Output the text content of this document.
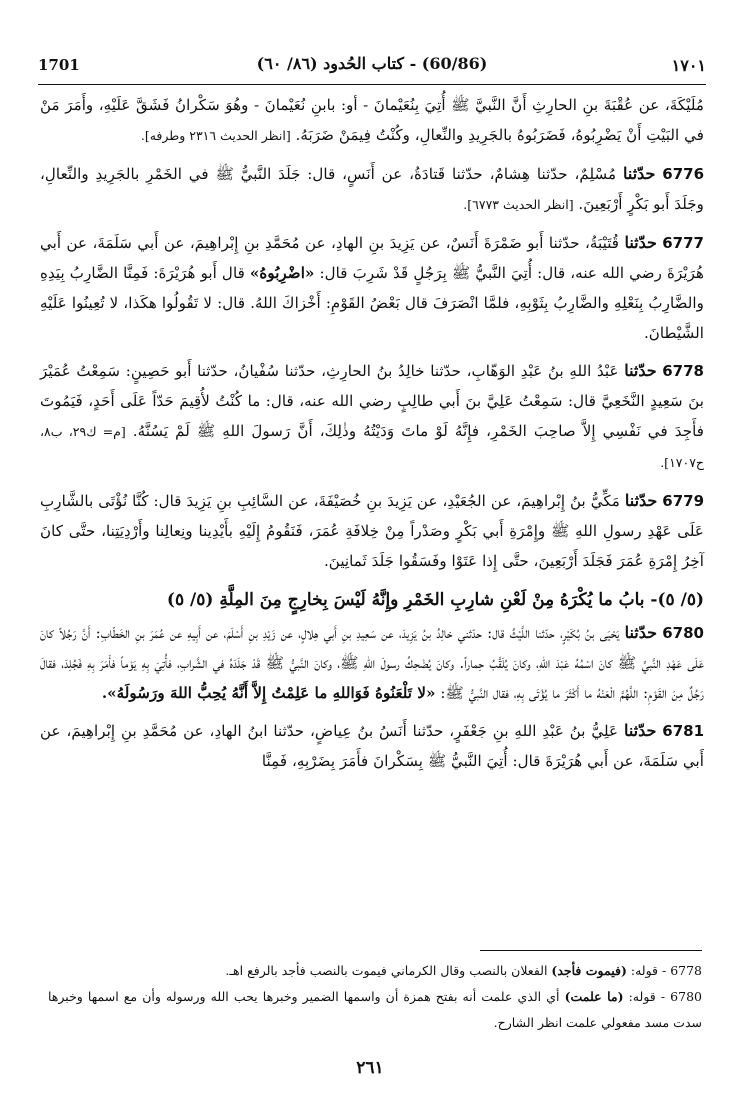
1701	(60/86) - كتاب الحُدود (٨٦/ ٦٠)	١٧٠١

مُلَيْكَةَ، عن عُقْبَةَ بنِ الحارِثِ أَنَّ النَّبيَّ ﷺ أُتِيَ بِنُعَيْمانَ - أو: بابنِ نُعَيْمانَ - وهُوَ سَكْرانُ فَشَقَّ عَلَيْهِ، وأَمَرَ مَنْ في البَيْتِ أَنْ يَضْرِبُوهُ، فَضَرَبُوهُ بالجَرِيدِ والنِّعالِ، وكُنْتُ فِيمَنْ ضَرَبَهُ. [انظر الحديث ٢٣١٦ وطرفه].

6776 حدّثنا مُسْلِمٌ، حدّثنا هِشامٌ، حدّثنا قَتادَةُ، عن أَنَسٍ، قال: جَلَدَ النَّبيُّ ﷺ في الخَمْرِ بالجَرِيدِ والنِّعالِ، وجَلَدَ أَبو بَكْرٍ أَرْبَعِينَ. [انظر الحديث ٦٧٧٣].

6777 حدّثنا قُتَيْبَةُ، حدّثنا أَبو ضَمْرَةَ أَنَسٌ، عن يَزِيدَ بنِ الهادِ، عن مُحَمَّدِ بنِ إِبْراهِيمَ، عن أَبي سَلَمَةَ، عن أَبي هُرَيْرَةَ رضي الله عنه، قال: أُتِيَ النَّبيُّ ﷺ بِرَجُلٍ قَدْ شَرِبَ قال: «اضْرِبُوهُ» قال أَبو هُرَيْرَةَ: فَمِنَّا الضَّارِبُ بِيَدِهِ والضَّارِبُ بِنَعْلِهِ والضَّارِبُ بِثَوْبِهِ، فلمَّا انْصَرَفَ قال بَعْضُ القَوْمِ: أَخْزاكَ اللهُ. قال: لا تَقُولُوا هكَذا، لا تُعِينُوا عَلَيْهِ الشَّيْطانَ.

6778 حدّثنا عَبْدُ اللهِ بنُ عَبْدِ الوَهّابِ، حدّثنا خالِدُ بنُ الحارِثِ، حدّثنا سُفْيانُ، حدّثنا أَبو حَصِينٍ: سَمِعْتُ عُمَيْرَ بنَ سَعِيدٍ النَّخَعِيَّ قال: سَمِعْتُ عَلِيَّ بنَ أَبي طالِبٍ رضي الله عنه، قال: ما كُنْتُ لأُقِيمَ حَدّاً عَلَى أَحَدٍ، فَيَمُوتَ فأَجِدَ في نَفْسِي إِلاَّ صاحِبَ الخَمْرِ، فإِنَّهُ لَوْ ماتَ وَدَيْتُهُ وذٰلِكَ، أَنَّ رَسولَ اللهِ ﷺ لَمْ يَسُنَّهُ. [م= ك٢٩، ب٨، ح١٧٠٧].

6779 حدّثنا مَكِّيُّ بنُ إِبْراهِيمَ، عن الجُعَيْدِ، عن يَزِيدَ بنِ خُصَيْفَةَ، عن السَّائِبِ بنِ يَزِيدَ قال: كُنَّا نُؤْتَى بالشَّارِبِ عَلَى عَهْدِ رسولِ اللهِ ﷺ وإِمْرَةِ أَبي بَكْرٍ وصَدْراً مِنْ خِلافَةِ عُمَرَ، فَنَقُومُ إِلَيْهِ بأَيْدِينا ونِعالِنا وأَرْدِيَتِنا، حتَّى كانَ آخِرُ إِمْرَةِ عُمَرَ فَجَلَدَ أَرْبَعِينَ، حتَّى إِذا عَتَوْا وفَسَقُوا جَلَدَ ثَمانِينَ.

(٥/ ٥)- بابُ ما يُكْرَهُ مِنْ لَعْنِ شارِبِ الخَمْرِ وإِنَّهُ لَيْسَ بِخارِجٍ مِنَ المِلَّةِ (٥/ ٥)

6780 حدّثنا يَحْيَى بنُ بُكَيْرٍ، حدّثنا اللَّيْثُ قال: حدّثني خالِدُ بنُ يَزِيدَ، عن سَعِيدِ بنِ أَبي هِلالٍ، عن زَيْدِ بنِ أَسْلَمَ، عن أَبِيهِ عن عُمَرَ بنِ الخَطّابِ: أَنَّ رَجُلاً كانَ عَلَى عَهْدِ النَّبيِّ ﷺ كانَ اسْمُهُ عَبْدَ اللهِ، وكانَ يُلَقَّبُ حِماراً. وكانَ يُضْحِكُ رسولَ اللهِ ﷺ، وكانَ النَّبيُّ ﷺ قَدْ جَلَدَهُ في الشَّرابِ، فأُتِيَ بِهِ يَوْماً فأَمَرَ بِهِ فَجُلِدَ، فقالَ رَجُلٌ مِنَ القَوْمِ: اللَّهُمَّ الْعَنْهُ ما أَكْثَرَ ما يُؤْتَى بِهِ، فقال النَّبيُّ ﷺ: «لا تَلْعَنُوهُ فَوَاللهِ ما عَلِمْتُ إِلاَّ أَنَّهُ يُحِبُّ اللهَ ورَسُولَهُ».

6781 حدّثنا عَلِيُّ بنُ عَبْدِ اللهِ بنِ جَعْفَرٍ، حدّثنا أَنَسُ بنُ عِياضٍ، حدّثنا ابنُ الهادِ، عن مُحَمَّدِ بنِ إِبْراهِيمَ، عن أَبي سَلَمَةَ، عن أَبي هُرَيْرَةَ قال: أُتِيَ النَّبيُّ ﷺ بِسَكْرانَ فأَمَرَ بِضَرْبِهِ، فَمِنَّا

6778 - قوله: (فيموت فأجد) الفعلان بالنصب وقال الكرماني فيموت بالنصب فأجد بالرفع اهـ.

6780 - قوله: (ما علمت) أي الذي علمت أنه بفتح همزة أن واسمها الضمير وخبرها يحب الله ورسوله وأن مع اسمها وخبرها سدت مسد مفعولي علمت انظر الشارح.

٢٦١
